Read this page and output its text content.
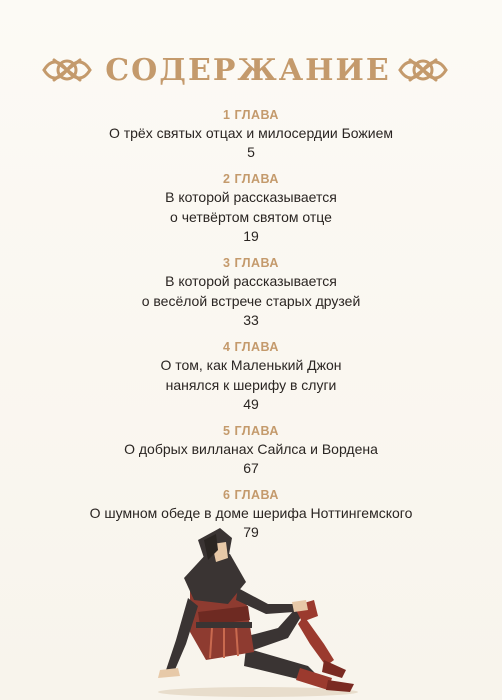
СОДЕРЖАНИЕ
1 ГЛАВА
О трёх святых отцах и милосердии Божием
5
2 ГЛАВА
В которой рассказывается
о четвёртом святом отце
19
3 ГЛАВА
В которой рассказывается
о весёлой встрече старых друзей
33
4 ГЛАВА
О том, как Маленький Джон
нанялся к шерифу в слуги
49
5 ГЛАВА
О добрых вилланах Сайлса и Вордена
67
6 ГЛАВА
О шумном обеде в доме шерифа Ноттингемского
79
